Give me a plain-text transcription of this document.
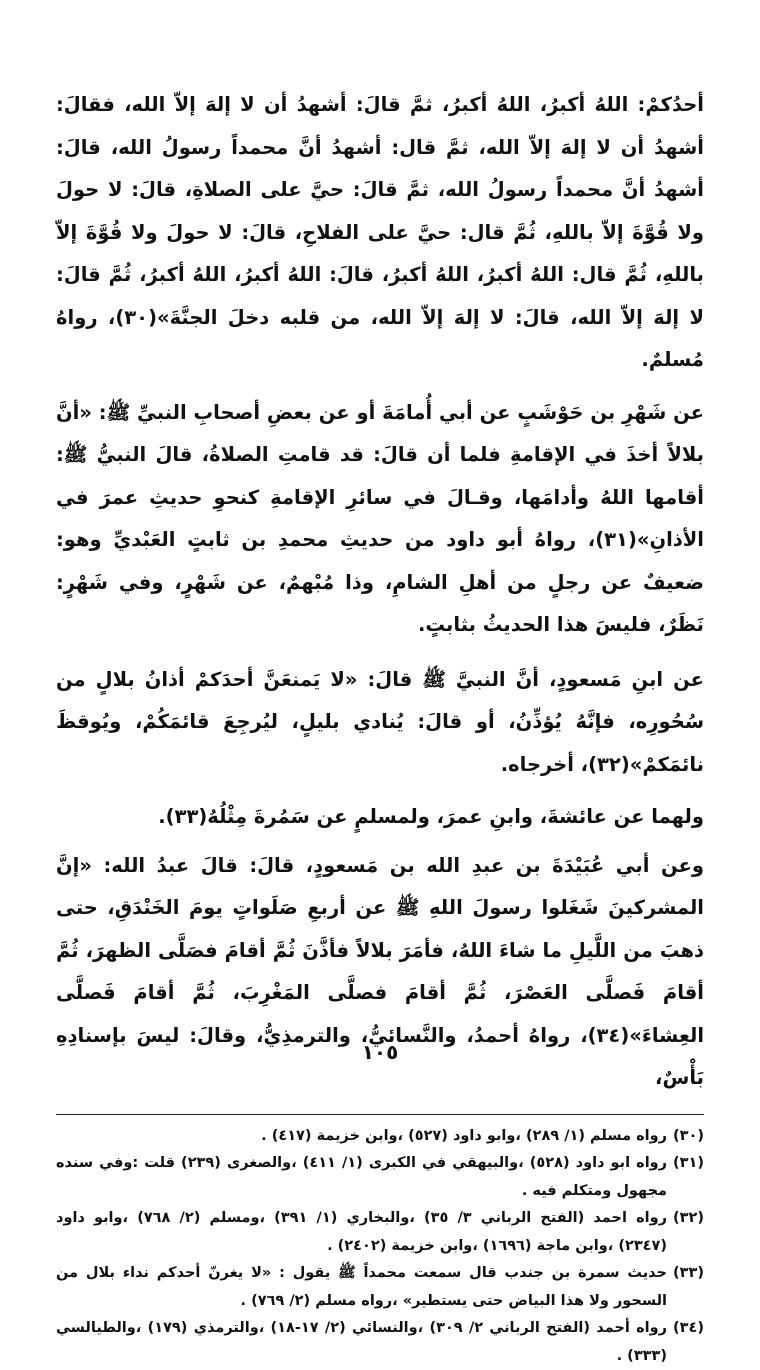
أحدُكمْ: اللهُ أكبرُ، اللهُ أكبرُ، ثمَّ قالَ: أشهدُ أن لا إلهَ إلاّ الله، فقالَ: أشهدُ أن لا إلهَ إلاّ الله، ثمَّ قال: أشهدُ أنَّ محمداً رسولُ الله، قالَ: أشهدُ أنَّ محمداً رسولُ الله، ثمَّ قالَ: حيَّ على الصلاةِ، قالَ: لا حولَ ولا قُوَّةَ إلاّ باللهِ، ثُمَّ قال: حيَّ على الفلاحِ، قالَ: لا حولَ ولا قُوَّةَ إلاّ باللهِ، ثُمَّ قال: اللهُ أكبرُ، اللهُ أكبرُ، قالَ: اللهُ أكبرُ، اللهُ أكبرُ، ثُمَّ قالَ: لا إلهَ إلاّ الله، قالَ: لا إلهَ إلاّ الله، من قلبه دخلَ الجنَّةَ»(٣٠)، رواهُ مُسلمٌ.

عن شَهْرِ بن حَوْشَبٍ عن أبي أُمامَةَ أو عن بعضِ أصحابِ النبيِّ ﷺ: «أنَّ بلالاً أخذَ في الإقامةِ فلما أن قالَ: قد قامتِ الصلاةُ، قالَ النبيُّ ﷺ: أقامها اللهُ وأدامَها، وقـالَ في سائرِ الإقامةِ كنحوِ حديثِ عمرَ في الأذانِ»(٣١)، رواهُ أبو داود من حديثِ محمدِ بن ثابتٍ العَبْديِّ وهو: ضعيفٌ عن رجلٍ من أهلِ الشامِ، وذا مُبْهمٌ، عن شَهْرٍ، وفي شَهْرٍ: نَظَرٌ، فليسَ هذا الحديثُ بثابتٍ.

عن ابنِ مَسعودٍ، أنَّ النبيَّ ﷺ قالَ: «لا يَمنعَنَّ أحدَكمْ أذانُ بلالٍ من سُحُورِه، فإنَّهُ يُؤذِّنُ، أو قالَ: يُنادي بليلٍ، ليُرجِعَ قائمَكُمْ، ويُوقظَ نائمَكمْ»(٣٢)، أخرجاه.

ولهما عن عائشةَ، وابنِ عمرَ، ولمسلمٍ عن سَمُرةَ مِثْلُهُ(٣٣).

وعن أبي عُبَيْدَةَ بن عبدِ الله بن مَسعودٍ، قالَ: قالَ عبدُ الله: «إنَّ المشركينَ شَغَلوا رسولَ اللهِ ﷺ عن أربعِ صَلَواتٍ يومَ الخَنْدَقِ، حتى ذهبَ من اللَّيلِ ما شاءَ اللهُ، فأمَرَ بلالاً فأذَّنَ ثُمَّ أقامَ فصَلَّى الظهرَ، ثُمَّ أقامَ فَصلَّى العَصْرَ، ثُمَّ أقامَ فصلَّى المَغْرِبَ، ثُمَّ أقامَ فَصلَّى العِشاءَ»(٣٤)، رواهُ أحمدُ، والنَّسائيُّ، والترمذِيُّ، وقالَ: ليسَ بإسنادِهِ بَأْسٌ،

(٣٠)
رواه مسلم (١/ ٢٨٩) ،وابو داود (٥٢٧) ،وابن خزيمة (٤١٧) .
(٣١)
رواه ابو داود (٥٢٨) ،والبيهقي في الكبرى (١/ ٤١١) ،والصغرى (٢٣٩) قلت :وفي سنده مجهول ومتكلم فيه .
(٣٢)
رواه احمد (الفتح الرباني ٣/ ٣٥) ،والبخاري (١/ ٣٩١) ،ومسلم (٢/ ٧٦٨) ،وابو داود (٢٣٤٧) ،وابن ماجة (١٦٩٦) ،وابن خزيمة (٢٤٠٢) .
(٣٣)
حديث سمرة بن جندب قال سمعت محمداً ﷺ يقول : «لا يغرنّ أحدكم نداء بلال من السحور ولا هذا البياض حتى يستطير» ،رواه مسلم (٢/ ٧٦٩) .
(٣٤)
رواه أحمد (الفتح الرباني ٢/ ٣٠٩) ،والنسائي (٢/ ١٧-١٨) ،والترمذي (١٧٩) ،والطيالسي (٣٣٣) .
١٠٥
